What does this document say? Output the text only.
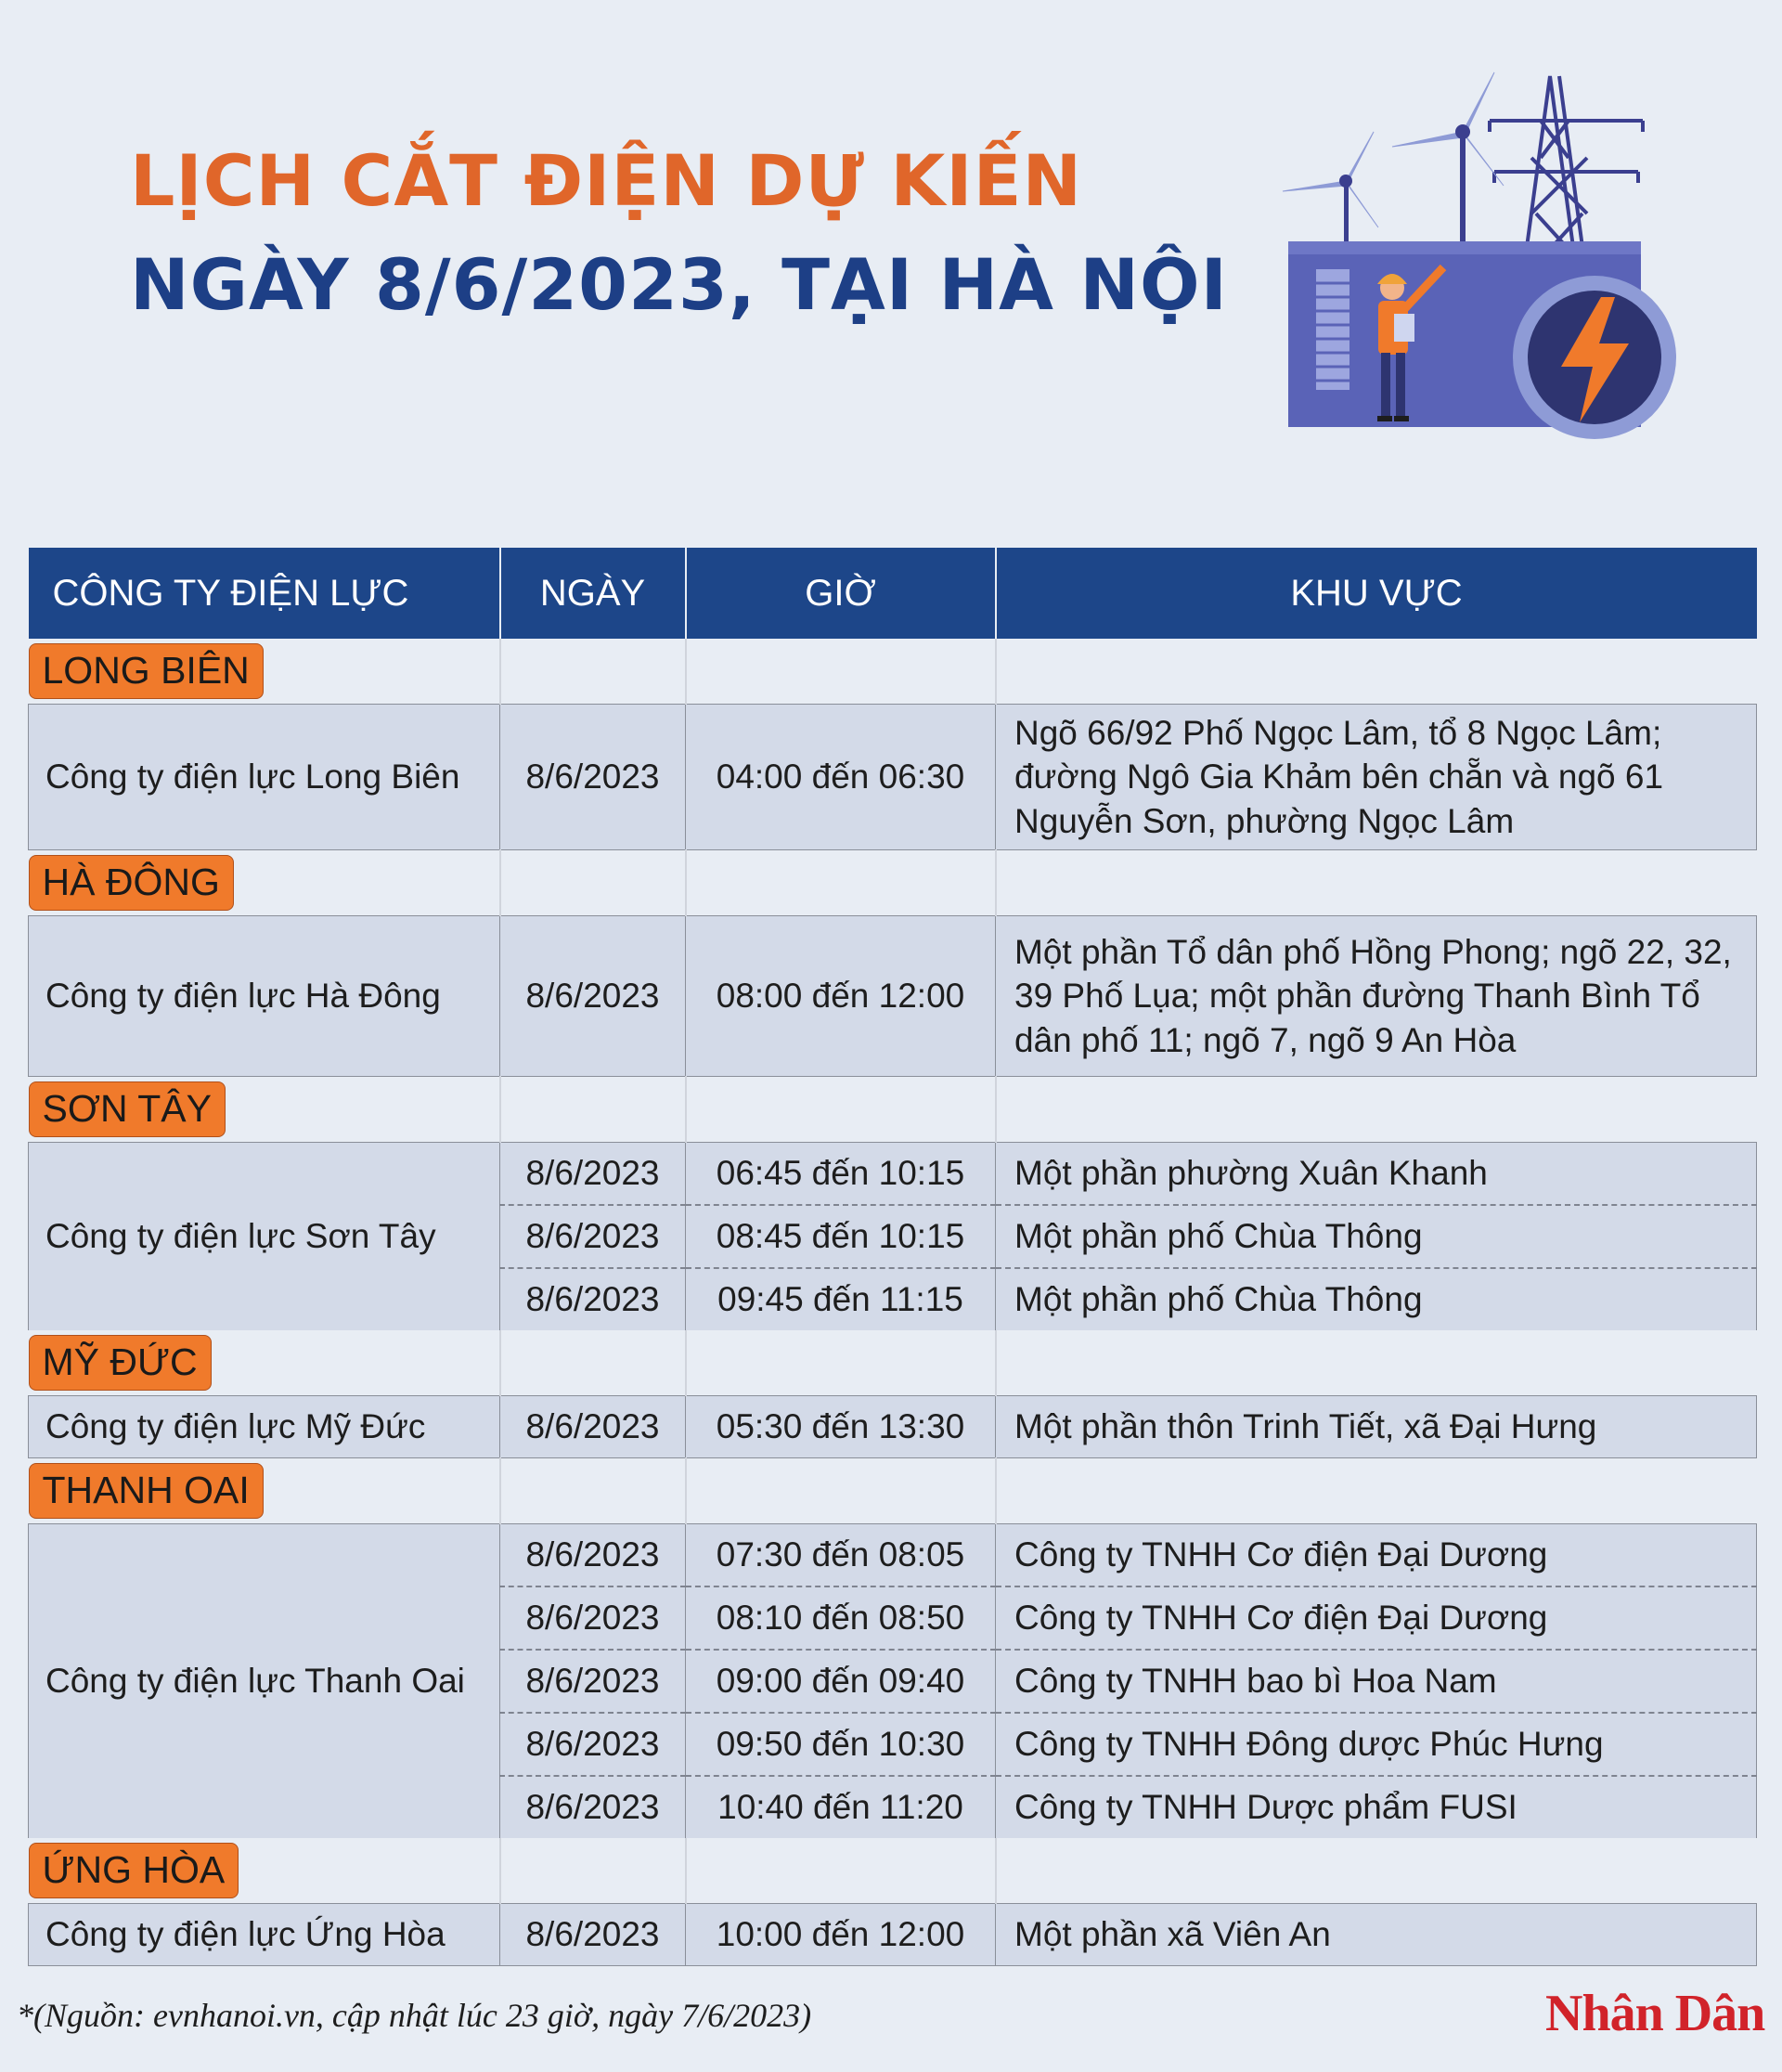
LỊCH CẮT ĐIỆN DỰ KIẾN
NGÀY 8/6/2023, TẠI HÀ NỘI
CÔNG TY ĐIỆN LỰC	NGÀY	GIỜ	KHU VỰC
LONG BIÊN			
Công ty điện lực Long Biên	8/6/2023	04:00 đến 06:30	Ngõ 66/92 Phố Ngọc Lâm, tổ 8 Ngọc Lâm; đường Ngô Gia Khảm bên chẵn và ngõ 61 Nguyễn Sơn, phường Ngọc Lâm
HÀ ĐÔNG			
Công ty điện lực Hà Đông	8/6/2023	08:00 đến 12:00	Một phần Tổ dân phố Hồng Phong; ngõ 22, 32, 39 Phố Lụa; một phần đường Thanh Bình Tổ dân phố 11; ngõ 7, ngõ 9 An Hòa
SƠN TÂY			
Công ty điện lực Sơn Tây	8/6/2023	06:45 đến 10:15	Một phần phường Xuân Khanh
	8/6/2023	08:45 đến 10:15	Một phần phố Chùa Thông
	8/6/2023	09:45 đến 11:15	Một phần phố Chùa Thông
MỸ ĐỨC			
Công ty điện lực Mỹ Đức	8/6/2023	05:30 đến 13:30	Một phần thôn Trinh Tiết, xã Đại Hưng
THANH OAI			
Công ty điện lực Thanh Oai	8/6/2023	07:30 đến 08:05	Công ty TNHH Cơ điện Đại Dương
	8/6/2023	08:10 đến 08:50	Công ty TNHH Cơ điện Đại Dương
	8/6/2023	09:00 đến 09:40	Công ty TNHH bao bì Hoa Nam
	8/6/2023	09:50 đến 10:30	Công ty TNHH Đông dược Phúc Hưng
	8/6/2023	10:40 đến 11:20	Công ty TNHH Dược phẩm FUSI
ỨNG HÒA			
Công ty điện lực Ứng Hòa	8/6/2023	10:00 đến 12:00	Một phần xã Viên An
*(Nguồn: evnhanoi.vn, cập nhật lúc 23 giờ, ngày 7/6/2023)	Nhân Dân
